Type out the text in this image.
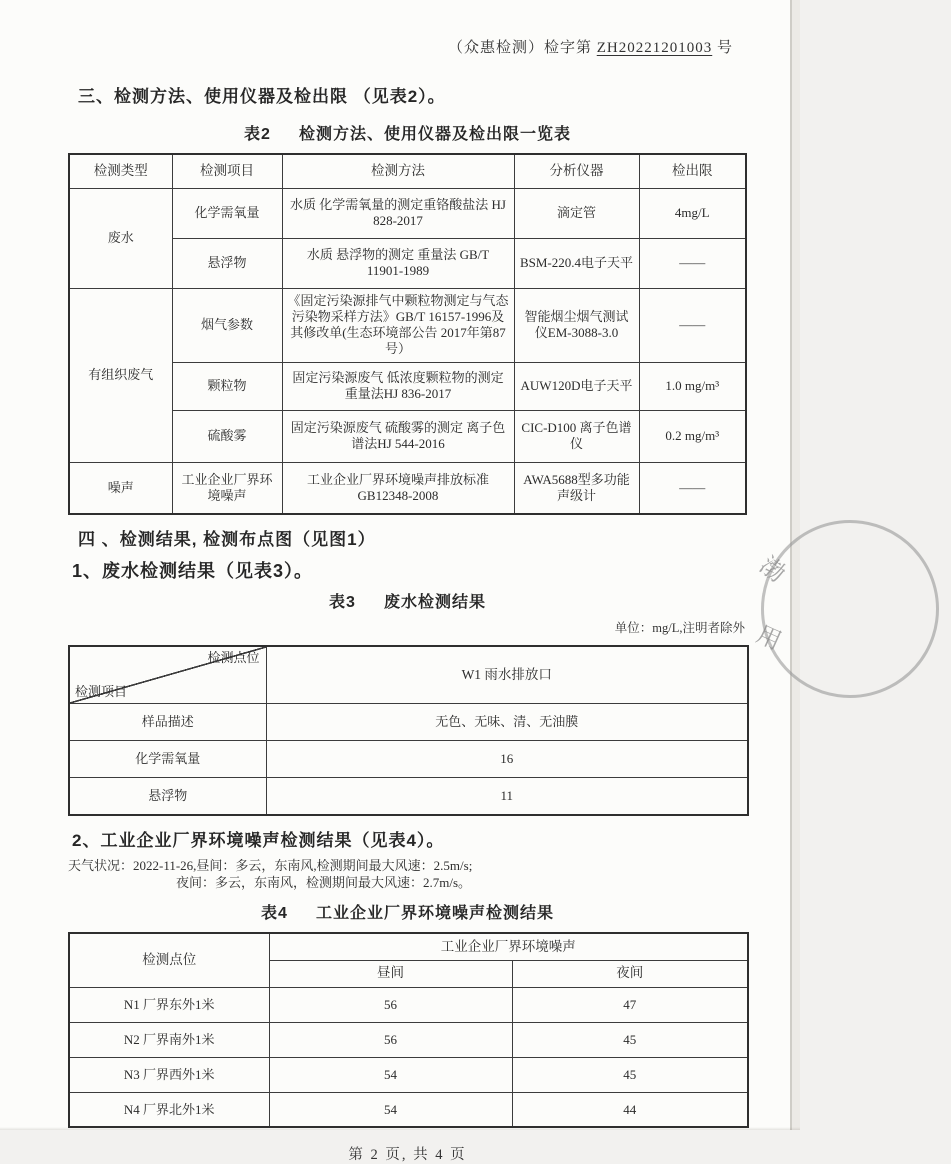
渤
用
（众惠检测）检字第 ZH20221201003 号
三、检测方法、使用仪器及检出限 （见表2）。
表2 检测方法、使用仪器及检出限一览表
检测类型	检测项目	检测方法	分析仪器	检出限
废水	化学需氧量	水质 化学需氧量的测定重铬酸盐法 HJ 828-2017	滴定管	4mg/L
	悬浮物	水质 悬浮物的测定 重量法 GB/T 11901-1989	BSM-220.4电子天平	——
有组织废气	烟气参数	《固定污染源排气中颗粒物测定与气态污染物采样方法》GB/T 16157-1996及其修改单(生态环境部公告 2017年第87号）	智能烟尘烟气测试仪EM-3088-3.0	——
	颗粒物	固定污染源废气 低浓度颗粒物的测定 重量法HJ 836-2017	AUW120D电子天平	1.0 mg/m³
	硫酸雾	固定污染源废气 硫酸雾的测定 离子色谱法HJ 544-2016	CIC-D100 离子色谱仪	0.2 mg/m³
噪声	工业企业厂界环境噪声	工业企业厂界环境噪声排放标准 GB12348-2008	AWA5688型多功能声级计	——
四 、检测结果, 检测布点图（见图1）
1、废水检测结果（见表3）。
表3 废水检测结果
单位：mg/L,注明者除外
检测点位
检测项目	W1 雨水排放口
样品描述	无色、无味、清、无油膜
化学需氧量	16
悬浮物	11
2、工业企业厂界环境噪声检测结果（见表4）。
天气状况：2022-11-26,昼间：多云，东南风,检测期间最大风速：2.5m/s;
夜间：多云，东南风，检测期间最大风速：2.7m/s。
表4 工业企业厂界环境噪声检测结果
检测点位	工业企业厂界环境噪声	
	昼间	夜间
N1 厂界东外1米	56	47
N2 厂界南外1米	56	45
N3 厂界西外1米	54	45
N4 厂界北外1米	54	44
第 2 页, 共 4 页
